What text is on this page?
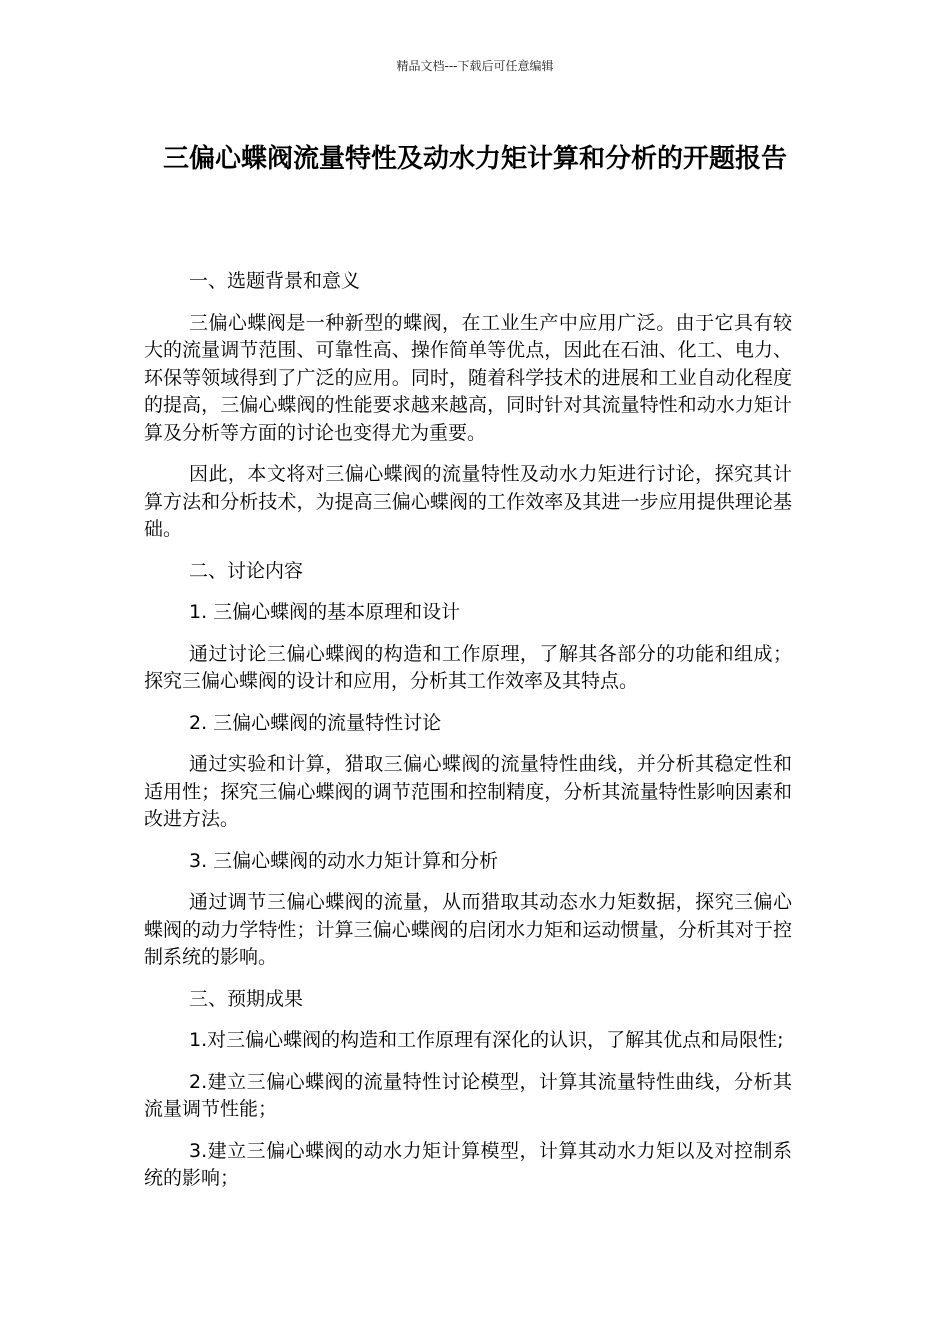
精品文档---下载后可任意编辑
三偏心蝶阀流量特性及动水力矩计算和分析的开题报告

一、选题背景和意义

三偏心蝶阀是一种新型的蝶阀，在工业生产中应用广泛。由于它具有较大的流量调节范围、可靠性高、操作简单等优点，因此在石油、化工、电力、环保等领域得到了广泛的应用。同时，随着科学技术的进展和工业自动化程度的提高，三偏心蝶阀的性能要求越来越高，同时针对其流量特性和动水力矩计算及分析等方面的讨论也变得尤为重要。

因此，本文将对三偏心蝶阀的流量特性及动水力矩进行讨论，探究其计算方法和分析技术，为提高三偏心蝶阀的工作效率及其进一步应用提供理论基础。

二、讨论内容

1. 三偏心蝶阀的基本原理和设计

通过讨论三偏心蝶阀的构造和工作原理，了解其各部分的功能和组成；探究三偏心蝶阀的设计和应用，分析其工作效率及其特点。

2. 三偏心蝶阀的流量特性讨论

通过实验和计算，猎取三偏心蝶阀的流量特性曲线，并分析其稳定性和适用性；探究三偏心蝶阀的调节范围和控制精度，分析其流量特性影响因素和改进方法。

3. 三偏心蝶阀的动水力矩计算和分析

通过调节三偏心蝶阀的流量，从而猎取其动态水力矩数据，探究三偏心蝶阀的动力学特性；计算三偏心蝶阀的启闭水力矩和运动惯量，分析其对于控制系统的影响。

三、预期成果

1.对三偏心蝶阀的构造和工作原理有深化的认识，了解其优点和局限性;

2.建立三偏心蝶阀的流量特性讨论模型，计算其流量特性曲线，分析其流量调节性能；

3.建立三偏心蝶阀的动水力矩计算模型，计算其动水力矩以及对控制系统的影响；
